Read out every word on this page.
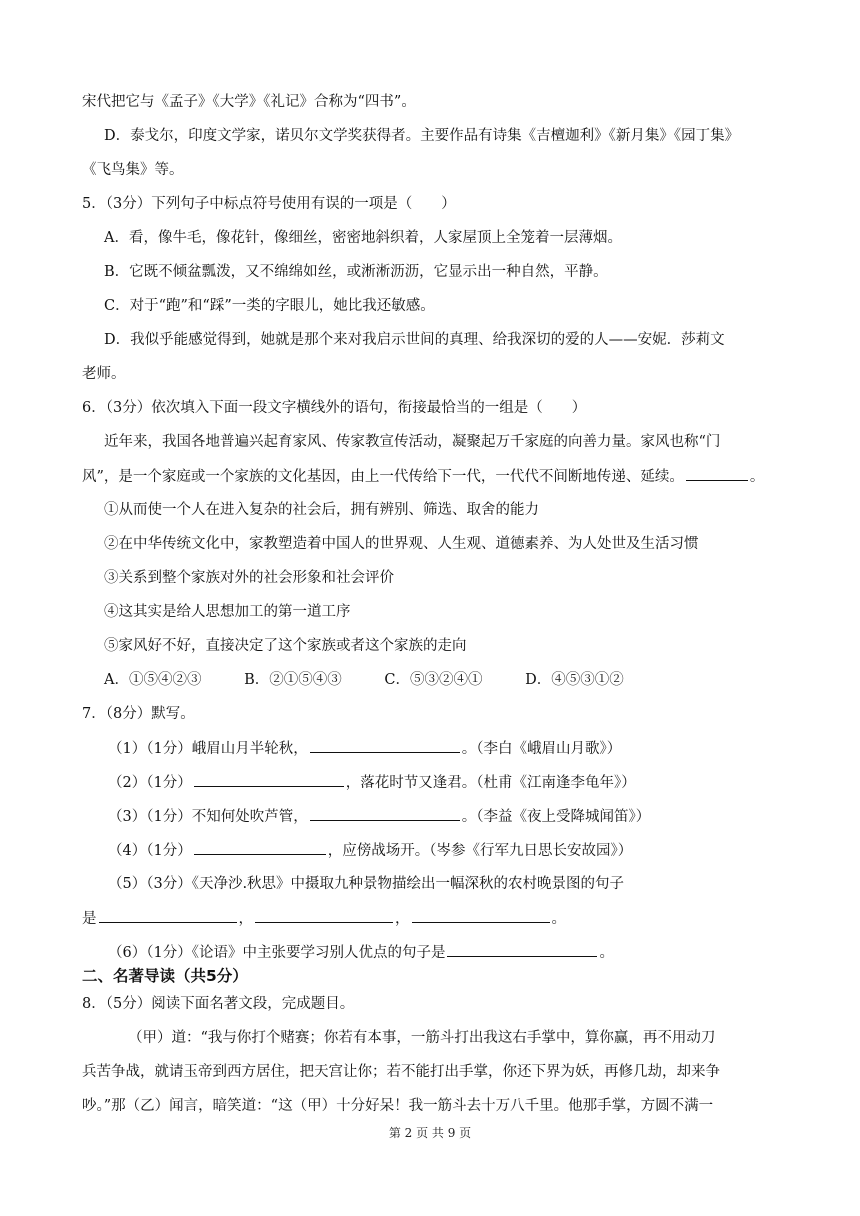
宋代把它与《孟子》《大学》《礼记》合称为“四书”。
D．泰戈尔，印度文学家，诺贝尔文学奖获得者。主要作品有诗集《吉檀迦利》《新月集》《园丁集》
《飞鸟集》等。
5．（3分）下列句子中标点符号使用有误的一项是（　　）
A．看，像牛毛，像花针，像细丝，密密地斜织着，人家屋顶上全笼着一层薄烟。
B．它既不倾盆瓢泼，又不绵绵如丝，或淅淅沥沥，它显示出一种自然，平静。
C．对于“跑”和“踩”一类的字眼儿，她比我还敏感。
D．我似乎能感觉得到，她就是那个来对我启示世间的真理、给我深切的爱的人——安妮．莎莉文
老师。
6．（3分）依次填入下面一段文字横线外的语句，衔接最恰当的一组是（　　）
近年来，我国各地普遍兴起育家风、传家教宣传活动，凝聚起万千家庭的向善力量。家风也称“门
风”，是一个家庭或一个家族的文化基因，由上一代传给下一代，一代代不间断地传递、延续。	。
①从而使一个人在进入复杂的社会后，拥有辨别、筛选、取舍的能力
②在中华传统文化中，家教塑造着中国人的世界观、人生观、道德素养、为人处世及生活习惯
③关系到整个家族对外的社会形象和社会评价
④这其实是给人思想加工的第一道工序
⑤家风好不好，直接决定了这个家族或者这个家族的走向
A．①⑤④②③	B．②①⑤④③	C．⑤③②④①	D．④⑤③①②
7．（8分）默写。
（1）（1分）峨眉山月半轮秋，	。（李白《峨眉山月歌》）
（2）（1分）	，落花时节又逢君。（杜甫《江南逢李龟年》）
（3）（1分）不知何处吹芦管，	。（李益《夜上受降城闻笛》）
（4）（1分）	，应傍战场开。（岑参《行军九日思长安故园》）
（5）（3分）《天净沙.秋思》中摄取九种景物描绘出一幅深秋的农村晚景图的句子
是	，	，	。
（6）（1分）《论语》中主张要学习别人优点的句子是	。
二、名著导读（共5分）
8．（5分）阅读下面名著文段，完成题目。
（甲）道：“我与你打个赌赛；你若有本事，一筋斗打出我这右手掌中，算你赢，再不用动刀
兵苦争战，就请玉帝到西方居住，把天宫让你；若不能打出手掌，你还下界为妖，再修几劫，却来争
吵。”那（乙）闻言，暗笑道：“这（甲）十分好呆！我一筋斗去十万八千里。他那手掌，方圆不满一
第 2 页 共 9 页
